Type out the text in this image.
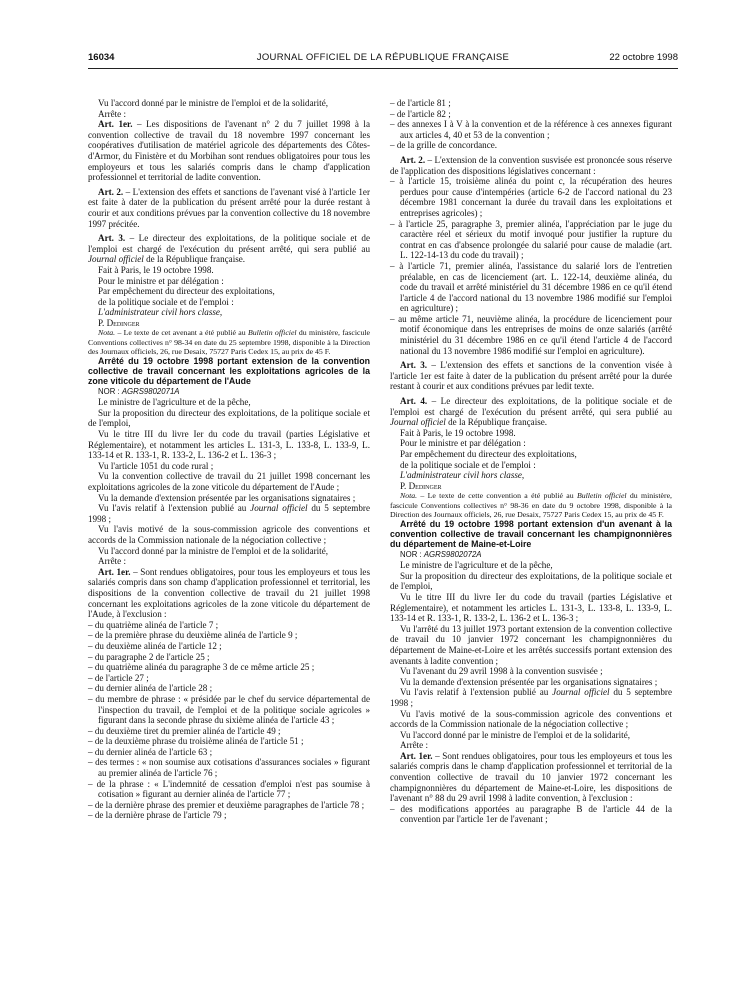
16034	JOURNAL OFFICIEL DE LA RÉPUBLIQUE FRANÇAISE	22 octobre 1998

Vu l'accord donné par le ministre de l'emploi et de la solidarité,

Arrête :

Art. 1er. – Les dispositions de l'avenant n° 2 du 7 juillet 1998 à la convention collective de travail du 18 novembre 1997 concernant les coopératives d'utilisation de matériel agricole des départements des Côtes-d'Armor, du Finistère et du Morbihan sont rendues obligatoires pour tous les employeurs et tous les salariés compris dans le champ d'application professionnel et territorial de ladite convention.

Art. 2. – L'extension des effets et sanctions de l'avenant visé à l'article 1er est faite à dater de la publication du présent arrêté pour la durée restant à courir et aux conditions prévues par la convention collective du 18 novembre 1997 précitée.

Art. 3. – Le directeur des exploitations, de la politique sociale et de l'emploi est chargé de l'exécution du présent arrêté, qui sera publié au Journal officiel de la République française.

Fait à Paris, le 19 octobre 1998.

Pour le ministre et par délégation :

Par empêchement du directeur des exploitations,

de la politique sociale et de l'emploi :

L'administrateur civil hors classe,

P. Dedinger

Nota. – Le texte de cet avenant a été publié au Bulletin officiel du ministère, fascicule Conventions collectives n° 98-34 en date du 25 septembre 1998, disponible à la Direction des Journaux officiels, 26, rue Desaix, 75727 Paris Cedex 15, au prix de 45 F.

Arrêté du 19 octobre 1998 portant extension de la convention collective de travail concernant les exploitations agricoles de la zone viticole du département de l'Aude

NOR : AGRS9802071A

Le ministre de l'agriculture et de la pêche,

Sur la proposition du directeur des exploitations, de la politique sociale et de l'emploi,

Vu le titre III du livre Ier du code du travail (parties Législative et Réglementaire), et notamment les articles L. 131-3, L. 133-8, L. 133-9, L. 133-14 et R. 133-1, R. 133-2, L. 136-2 et L. 136-3 ;

Vu l'article 1051 du code rural ;

Vu la convention collective de travail du 21 juillet 1998 concernant les exploitations agricoles de la zone viticole du département de l'Aude ;

Vu la demande d'extension présentée par les organisations signataires ;

Vu l'avis relatif à l'extension publié au Journal officiel du 5 septembre 1998 ;

Vu l'avis motivé de la sous-commission agricole des conventions et accords de la Commission nationale de la négociation collective ;

Vu l'accord donné par la ministre de l'emploi et de la solidarité,

Arrête :

Art. 1er. – Sont rendues obligatoires, pour tous les employeurs et tous les salariés compris dans son champ d'application professionnel et territorial, les dispositions de la convention collective de travail du 21 juillet 1998 concernant les exploitations agricoles de la zone viticole du département de l'Aude, à l'exclusion :

– du quatrième alinéa de l'article 7 ;
– de la première phrase du deuxième alinéa de l'article 9 ;
– du deuxième alinéa de l'article 12 ;
– du paragraphe 2 de l'article 25 ;
– du quatrième alinéa du paragraphe 3 de ce même article 25 ;
– de l'article 27 ;
– du dernier alinéa de l'article 28 ;
– du membre de phrase : « présidée par le chef du service départemental de l'inspection du travail, de l'emploi et de la politique sociale agricoles » figurant dans la seconde phrase du sixième alinéa de l'article 43 ;
– du deuxième tiret du premier alinéa de l'article 49 ;
– de la deuxième phrase du troisième alinéa de l'article 51 ;
– du dernier alinéa de l'article 63 ;
– des termes : « non soumise aux cotisations d'assurances sociales » figurant au premier alinéa de l'article 76 ;
– de la phrase : « L'indemnité de cessation d'emploi n'est pas soumise à cotisation » figurant au dernier alinéa de l'article 77 ;
– de la dernière phrase des premier et deuxième paragraphes de l'article 78 ;
– de la dernière phrase de l'article 79 ;
– de l'article 81 ;
– de l'article 82 ;
– des annexes I à V à la convention et de la référence à ces annexes figurant aux articles 4, 40 et 53 de la convention ;
– de la grille de concordance.

Art. 2. – L'extension de la convention susvisée est prononcée sous réserve de l'application des dispositions législatives concernant :

– à l'article 15, troisième alinéa du point c, la récupération des heures perdues pour cause d'intempéries (article 6-2 de l'accord national du 23 décembre 1981 concernant la durée du travail dans les exploitations et entreprises agricoles) ;
– à l'article 25, paragraphe 3, premier alinéa, l'appréciation par le juge du caractère réel et sérieux du motif invoqué pour justifier la rupture du contrat en cas d'absence prolongée du salarié pour cause de maladie (art. L. 122-14-13 du code du travail) ;
– à l'article 71, premier alinéa, l'assistance du salarié lors de l'entretien préalable, en cas de licenciement (art. L. 122-14, deuxième alinéa, du code du travail et arrêté ministériel du 31 décembre 1986 en ce qu'il étend l'article 4 de l'accord national du 13 novembre 1986 modifié sur l'emploi en agriculture) ;
– au même article 71, neuvième alinéa, la procédure de licenciement pour motif économique dans les entreprises de moins de onze salariés (arrêté ministériel du 31 décembre 1986 en ce qu'il étend l'article 4 de l'accord national du 13 novembre 1986 modifié sur l'emploi en agriculture).

Art. 3. – L'extension des effets et sanctions de la convention visée à l'article 1er est faite à dater de la publication du présent arrêté pour la durée restant à courir et aux conditions prévues par ledit texte.

Art. 4. – Le directeur des exploitations, de la politique sociale et de l'emploi est chargé de l'exécution du présent arrêté, qui sera publié au Journal officiel de la République française.

Fait à Paris, le 19 octobre 1998.

Pour le ministre et par délégation :

Par empêchement du directeur des exploitations,

de la politique sociale et de l'emploi :

L'administrateur civil hors classe,

P. Dedinger

Nota. – Le texte de cette convention a été publié au Bulletin officiel du ministère, fascicule Conventions collectives n° 98-36 en date du 9 octobre 1998, disponible à la Direction des Journaux officiels, 26, rue Desaix, 75727 Paris Cedex 15, au prix de 45 F.

Arrêté du 19 octobre 1998 portant extension d'un avenant à la convention collective de travail concernant les champignonnières du département de Maine-et-Loire

NOR : AGRS9802072A

Le ministre de l'agriculture et de la pêche,

Sur la proposition du directeur des exploitations, de la politique sociale et de l'emploi,

Vu le titre III du livre Ier du code du travail (parties Législative et Réglementaire), et notamment les articles L. 131-3, L. 133-8, L. 133-9, L. 133-14 et R. 133-1, R. 133-2, L. 136-2 et L. 136-3 ;

Vu l'arrêté du 13 juillet 1973 portant extension de la convention collective de travail du 10 janvier 1972 concernant les champignonnières du département de Maine-et-Loire et les arrêtés successifs portant extension des avenants à ladite convention ;

Vu l'avenant du 29 avril 1998 à la convention susvisée ;

Vu la demande d'extension présentée par les organisations signataires ;

Vu l'avis relatif à l'extension publié au Journal officiel du 5 septembre 1998 ;

Vu l'avis motivé de la sous-commission agricole des conventions et accords de la Commission nationale de la négociation collective ;

Vu l'accord donné par le ministre de l'emploi et de la solidarité,

Arrête :

Art. 1er. – Sont rendues obligatoires, pour tous les employeurs et tous les salariés compris dans le champ d'application professionnel et territorial de la convention collective de travail du 10 janvier 1972 concernant les champignonnières du département de Maine-et-Loire, les dispositions de l'avenant n° 88 du 29 avril 1998 à ladite convention, à l'exclusion :

– des modifications apportées au paragraphe B de l'article 44 de la convention par l'article 1er de l'avenant ;
